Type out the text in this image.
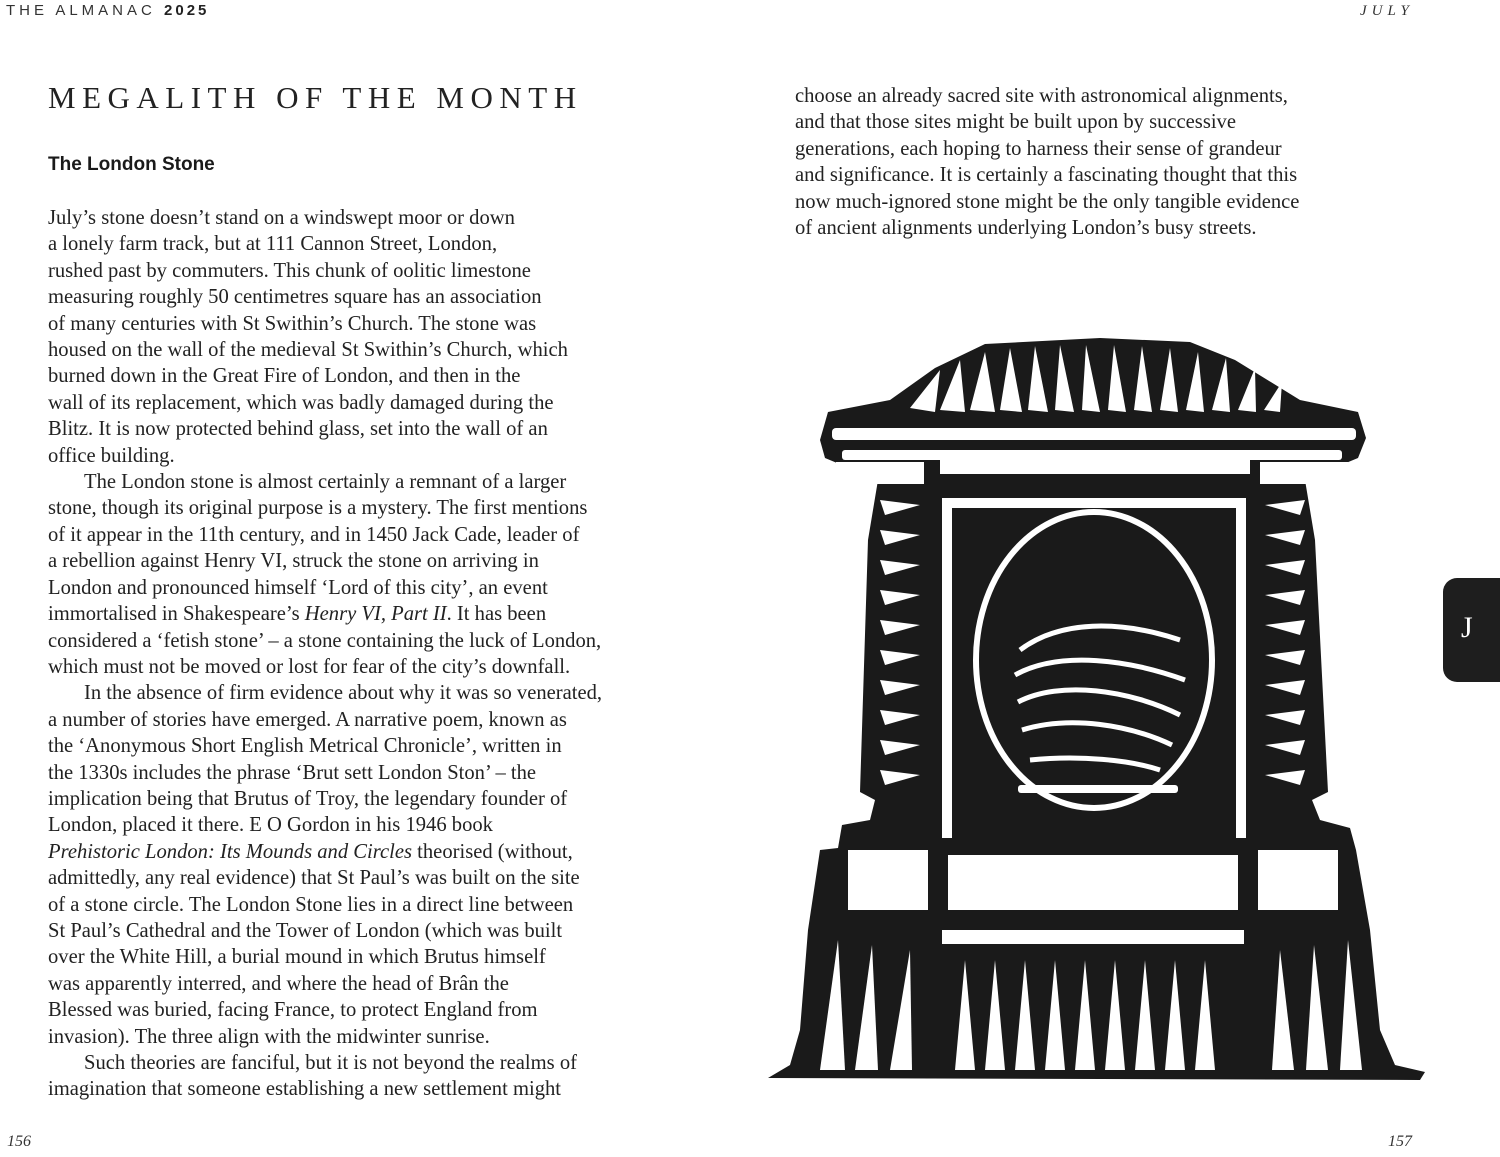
THE ALMANAC 2025	JULY
MEGALITH OF THE MONTH
The London Stone
July’s stone doesn’t stand on a windswept moor or down
a lonely farm track, but at 111 Cannon Street, London,
rushed past by commuters. This chunk of oolitic limestone
measuring roughly 50 centimetres square has an association
of many centuries with St Swithin’s Church. The stone was
housed on the wall of the medieval St Swithin’s Church, which
burned down in the Great Fire of London, and then in the
wall of its replacement, which was badly damaged during the
Blitz. It is now protected behind glass, set into the wall of an
office building.
The London stone is almost certainly a remnant of a larger
stone, though its original purpose is a mystery. The first mentions
of it appear in the 11th century, and in 1450 Jack Cade, leader of
a rebellion against Henry VI, struck the stone on arriving in
London and pronounced himself ‘Lord of this city’, an event
immortalised in Shakespeare’s Henry VI, Part II. It has been
considered a ‘fetish stone’ – a stone containing the luck of London,
which must not be moved or lost for fear of the city’s downfall.
In the absence of firm evidence about why it was so venerated,
a number of stories have emerged. A narrative poem, known as
the ‘Anonymous Short English Metrical Chronicle’, written in
the 1330s includes the phrase ‘Brut sett London Ston’ – the
implication being that Brutus of Troy, the legendary founder of
London, placed it there. E O Gordon in his 1946 book
Prehistoric London: Its Mounds and Circles theorised (without,
admittedly, any real evidence) that St Paul’s was built on the site
of a stone circle. The London Stone lies in a direct line between
St Paul’s Cathedral and the Tower of London (which was built
over the White Hill, a burial mound in which Brutus himself
was apparently interred, and where the head of Brân the
Blessed was buried, facing France, to protect England from
invasion). The three align with the midwinter sunrise.
Such theories are fanciful, but it is not beyond the realms of
imagination that someone establishing a new settlement might
choose an already sacred site with astronomical alignments,
and that those sites might be built upon by successive
generations, each hoping to harness their sense of grandeur
and significance. It is certainly a fascinating thought that this
now much-ignored stone might be the only tangible evidence
of ancient alignments underlying London’s busy streets.
J
156	157
